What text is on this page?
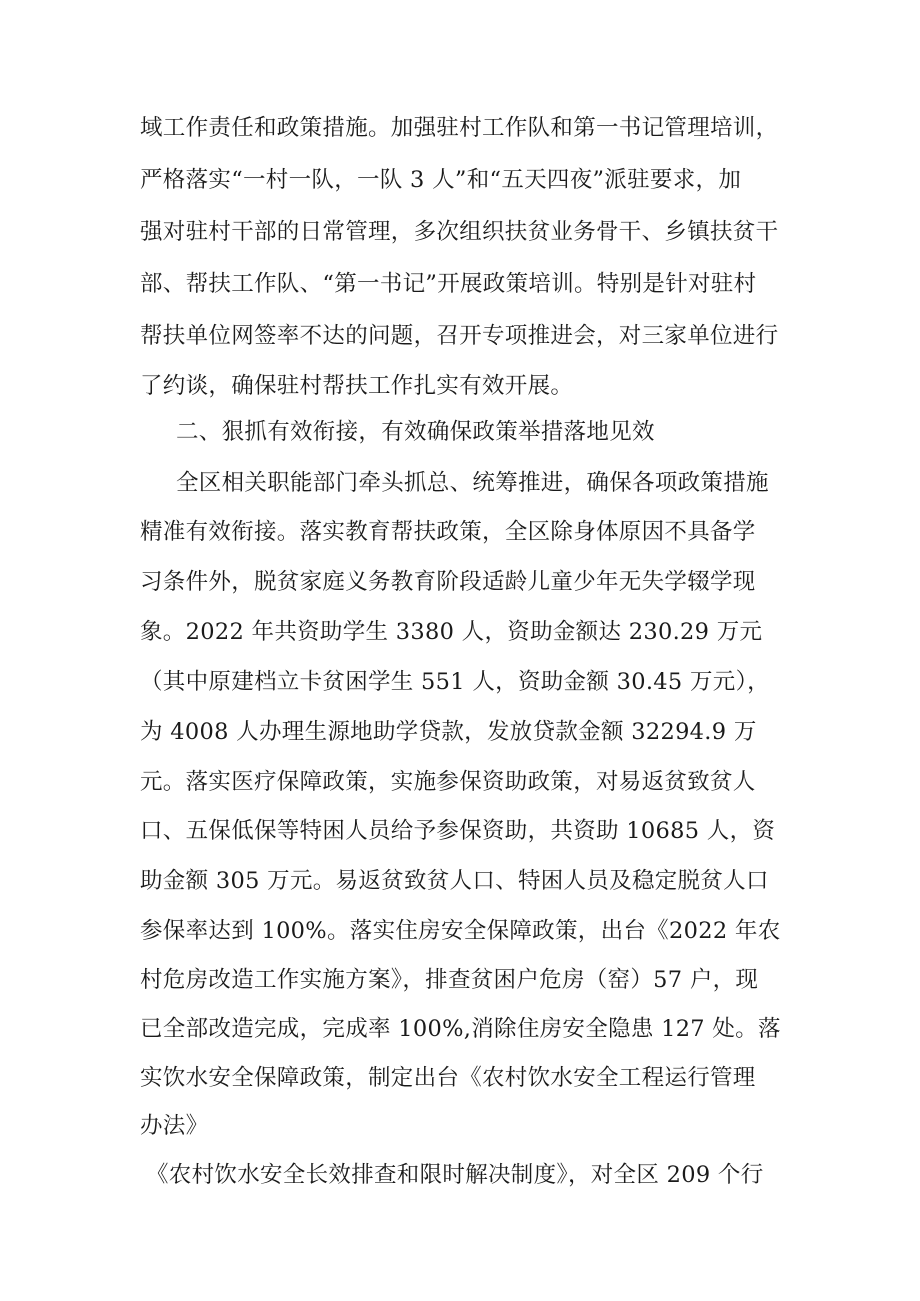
域工作责任和政策措施。加强驻村工作队和第一书记管理培训，
严格落实“一村一队，一队 3 人”和“五天四夜”派驻要求，加
强对驻村干部的日常管理，多次组织扶贫业务骨干、乡镇扶贫干
部、帮扶工作队、“第一书记”开展政策培训。特别是针对驻村
帮扶单位网签率不达的问题，召开专项推进会，对三家单位进行
了约谈，确保驻村帮扶工作扎实有效开展。
二、狠抓有效衔接，有效确保政策举措落地见效
全区相关职能部门牵头抓总、统筹推进，确保各项政策措施
精准有效衔接。落实教育帮扶政策，全区除身体原因不具备学
习条件外，脱贫家庭义务教育阶段适龄儿童少年无失学辍学现
象。2022 年共资助学生 3380 人，资助金额达 230.29 万元
（其中原建档立卡贫困学生 551 人，资助金额 30.45 万元），
为 4008 人办理生源地助学贷款，发放贷款金额 32294.9 万
元。落实医疗保障政策，实施参保资助政策，对易返贫致贫人
口、五保低保等特困人员给予参保资助，共资助 10685 人，资
助金额 305 万元。易返贫致贫人口、特困人员及稳定脱贫人口
参保率达到 100%。落实住房安全保障政策，出台《2022 年农
村危房改造工作实施方案》，排查贫困户危房（窑）57 户，现
已全部改造完成，完成率 100%,消除住房安全隐患 127 处。落
实饮水安全保障政策，制定出台《农村饮水安全工程运行管理
办法》
《农村饮水安全长效排查和限时解决制度》，对全区 209 个行
